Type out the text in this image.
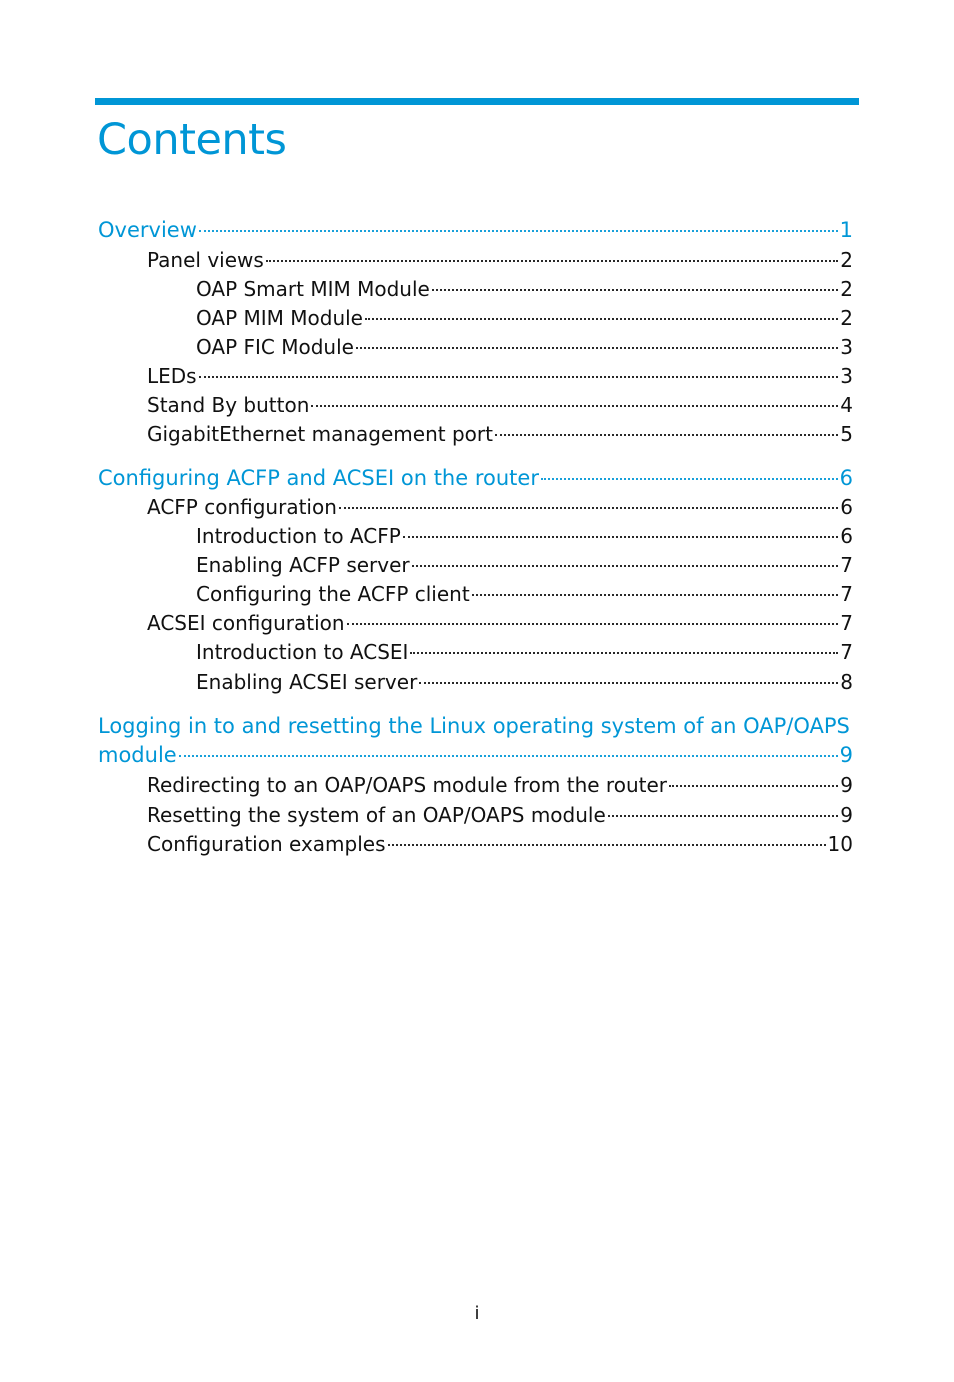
Contents
Overview	1
Panel views	2
OAP Smart MIM Module	2
OAP MIM Module	2
OAP FIC Module	3
LEDs	3
Stand By button	4
GigabitEthernet management port	5
Configuring ACFP and ACSEI on the router	6
ACFP configuration	6
Introduction to ACFP	6
Enabling ACFP server	7
Configuring the ACFP client	7
ACSEI configuration	7
Introduction to ACSEI	7
Enabling ACSEI server	8
Logging in to and resetting the Linux operating system of an OAP/OAPS
module	9
Redirecting to an OAP/OAPS module from the router	9
Resetting the system of an OAP/OAPS module	9
Configuration examples	10
i
